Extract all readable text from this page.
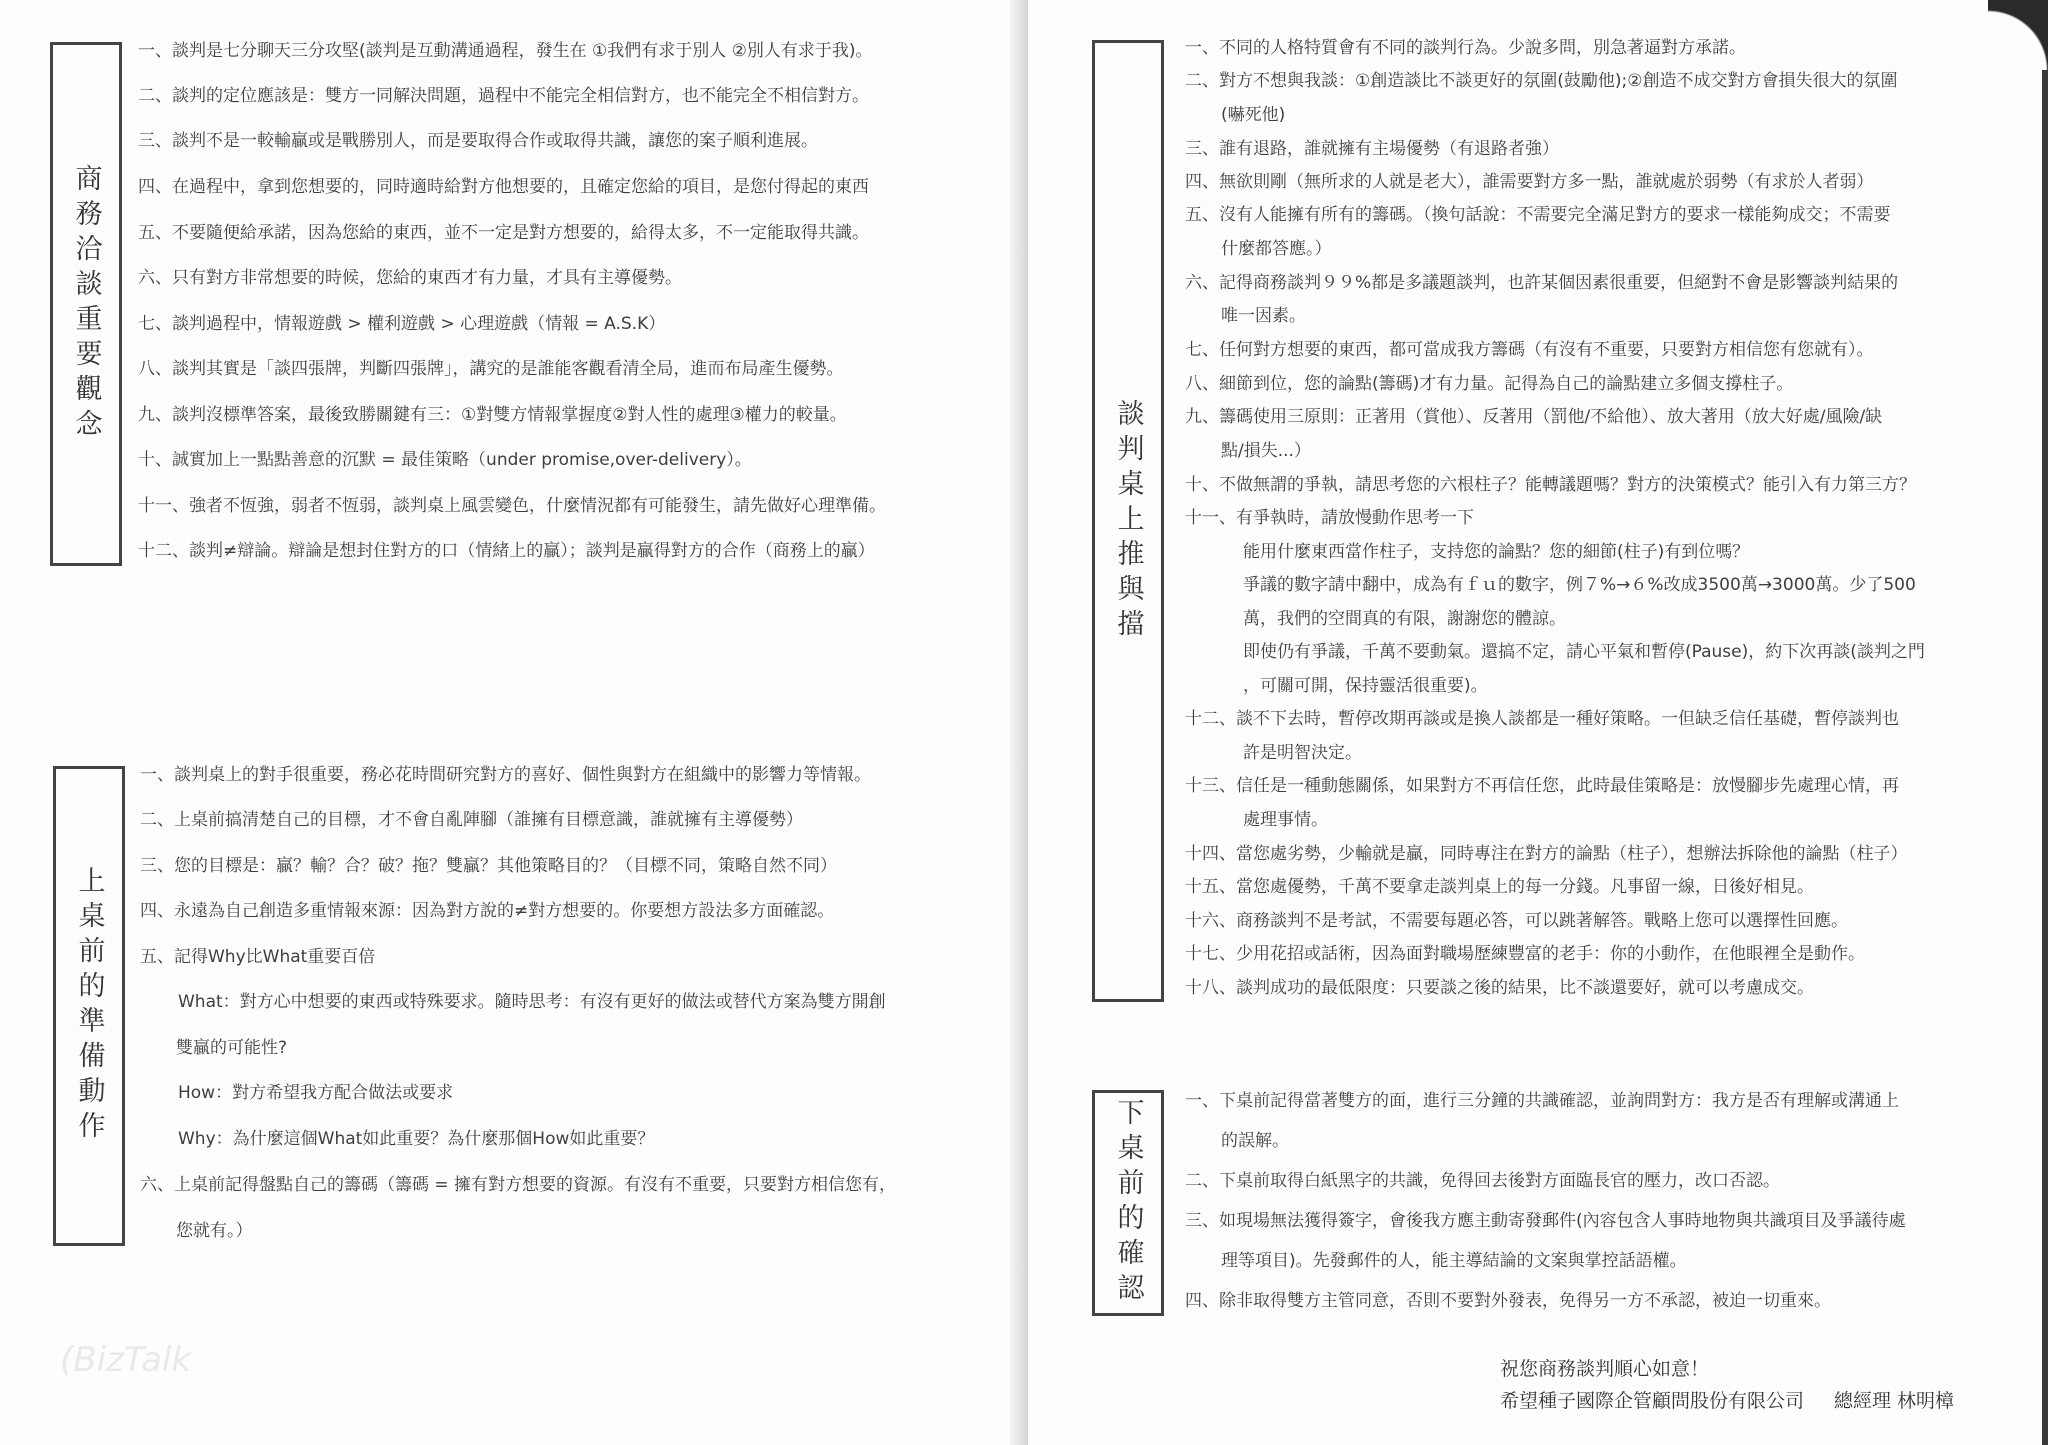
(BizTalk
商務洽談重要觀念
一、談判是七分聊天三分攻堅(談判是互動溝通過程，發生在 ①我們有求于別人 ②別人有求于我)。
二、談判的定位應該是：雙方一同解決問題，過程中不能完全相信對方，也不能完全不相信對方。
三、談判不是一較輸贏或是戰勝別人，而是要取得合作或取得共識，讓您的案子順利進展。
四、在過程中，拿到您想要的，同時適時給對方他想要的，且確定您給的項目，是您付得起的東西
五、不要隨便給承諾，因為您給的東西，並不一定是對方想要的，給得太多，不一定能取得共識。
六、只有對方非常想要的時候，您給的東西才有力量，才具有主導優勢。
七、談判過程中，情報遊戲 > 權利遊戲 > 心理遊戲（情報 = A.S.K）
八、談判其實是「談四張牌，判斷四張牌」，講究的是誰能客觀看清全局，進而布局產生優勢。
九、談判沒標準答案，最後致勝關鍵有三：①對雙方情報掌握度②對人性的處理③權力的較量。
十、誠實加上一點點善意的沉默 = 最佳策略（under promise,over-delivery）。
十一、強者不恆強，弱者不恆弱，談判桌上風雲變色，什麼情況都有可能發生，請先做好心理準備。
十二、談判≠辯論。辯論是想封住對方的口（情緒上的贏）；談判是贏得對方的合作（商務上的贏）
上桌前的準備動作
一、談判桌上的對手很重要，務必花時間研究對方的喜好、個性與對方在組織中的影響力等情報。
二、上桌前搞清楚自己的目標，才不會自亂陣腳（誰擁有目標意識，誰就擁有主導優勢）
三、您的目標是：贏？輸？合？破？拖？雙贏？其他策略目的？（目標不同，策略自然不同）
四、永遠為自己創造多重情報來源：因為對方說的≠對方想要的。你要想方設法多方面確認。
五、記得Why比What重要百倍
What：對方心中想要的東西或特殊要求。隨時思考：有沒有更好的做法或替代方案為雙方開創
雙贏的可能性?
How：對方希望我方配合做法或要求
Why：為什麼這個What如此重要？為什麼那個How如此重要？
六、上桌前記得盤點自己的籌碼（籌碼 = 擁有對方想要的資源。有沒有不重要，只要對方相信您有，
您就有。）
談判桌上推與擋
一、不同的人格特質會有不同的談判行為。少說多問，別急著逼對方承諾。
二、對方不想與我談：①創造談比不談更好的氛圍(鼓勵他);②創造不成交對方會損失很大的氛圍
(嚇死他)
三、誰有退路，誰就擁有主場優勢（有退路者強）
四、無欲則剛（無所求的人就是老大），誰需要對方多一點，誰就處於弱勢（有求於人者弱）
五、沒有人能擁有所有的籌碼。（換句話說：不需要完全滿足對方的要求一樣能夠成交；不需要
什麼都答應。）
六、記得商務談判９９%都是多議題談判，也許某個因素很重要，但絕對不會是影響談判結果的
唯一因素。
七、任何對方想要的東西，都可當成我方籌碼（有沒有不重要，只要對方相信您有您就有）。
八、細節到位，您的論點(籌碼)才有力量。記得為自己的論點建立多個支撐柱子。
九、籌碼使用三原則：正著用（賞他）、反著用（罰他/不給他）、放大著用（放大好處/風險/缺
點/損失...）
十、不做無謂的爭執，請思考您的六根柱子？能轉議題嗎？對方的決策模式？能引入有力第三方？
十一、有爭執時，請放慢動作思考一下
能用什麼東西當作柱子，支持您的論點？您的細節(柱子)有到位嗎？
爭議的數字請中翻中，成為有ｆｕ的數字，例７%→６%改成3500萬→3000萬。少了500
萬，我們的空間真的有限，謝謝您的體諒。
即使仍有爭議，千萬不要動氣。還搞不定，請心平氣和暫停(Pause)，約下次再談(談判之門
，可關可開，保持靈活很重要)。
十二、談不下去時，暫停改期再談或是換人談都是一種好策略。一但缺乏信任基礎，暫停談判也
許是明智決定。
十三、信任是一種動態關係，如果對方不再信任您，此時最佳策略是：放慢腳步先處理心情，再
處理事情。
十四、當您處劣勢，少輸就是贏，同時專注在對方的論點（柱子），想辦法拆除他的論點（柱子）
十五、當您處優勢，千萬不要拿走談判桌上的每一分錢。凡事留一線，日後好相見。
十六、商務談判不是考試，不需要每題必答，可以跳著解答。戰略上您可以選擇性回應。
十七、少用花招或話術，因為面對職場歷練豐富的老手：你的小動作，在他眼裡全是動作。
十八、談判成功的最低限度：只要談之後的結果，比不談還要好，就可以考慮成交。
下桌前的確認 一、下桌前記得當著雙方的面，進行三分鐘的共識確認，並詢問對方：我方是否有理解或溝通上
的誤解。
二、下桌前取得白紙黑字的共識，免得回去後對方面臨長官的壓力，改口否認。
三、如現場無法獲得簽字，會後我方應主動寄發郵件(內容包含人事時地物與共識項目及爭議待處
理等項目)。先發郵件的人，能主導結論的文案與掌控話語權。
四、除非取得雙方主管同意，否則不要對外發表，免得另一方不承認，被迫一切重來。
祝您商務談判順心如意！
希望種子國際企管顧問股份有限公司 總經理 林明樟
